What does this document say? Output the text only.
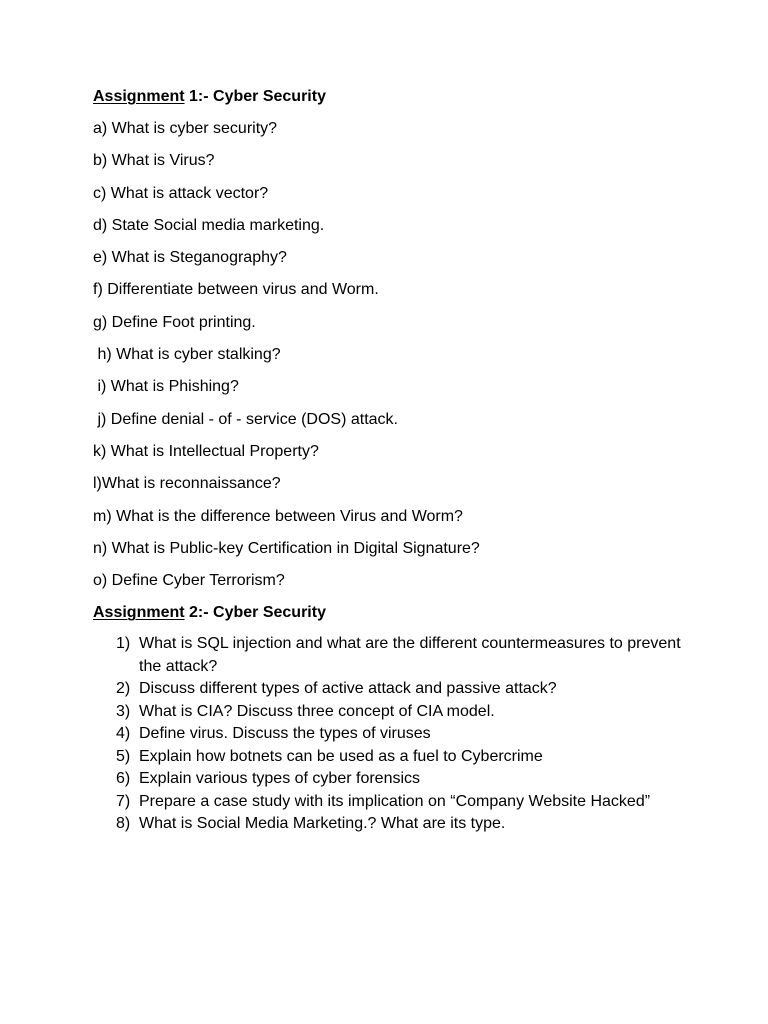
Assignment 1:- Cyber Security
a) What is cyber security?
b) What is Virus?
c) What is attack vector?
d) State Social media marketing.
e) What is Steganography?
f) Differentiate between virus and Worm.
g) Define Foot printing.
h) What is cyber stalking?
i) What is Phishing?
j) Define denial - of - service (DOS) attack.
k) What is Intellectual Property?
l)What is reconnaissance?
m) What is the difference between Virus and Worm?
n) What is Public-key Certification in Digital Signature?
o) Define Cyber Terrorism?
Assignment 2:- Cyber Security
1) What is SQL injection and what are the different countermeasures to prevent the attack?
2) Discuss different types of active attack and passive attack?
3) What is CIA? Discuss three concept of CIA model.
4) Define virus. Discuss the types of viruses
5) Explain how botnets can be used as a fuel to Cybercrime
6) Explain various types of cyber forensics
7) Prepare a case study with its implication on “Company Website Hacked”
8) What is Social Media Marketing.? What are its type.
